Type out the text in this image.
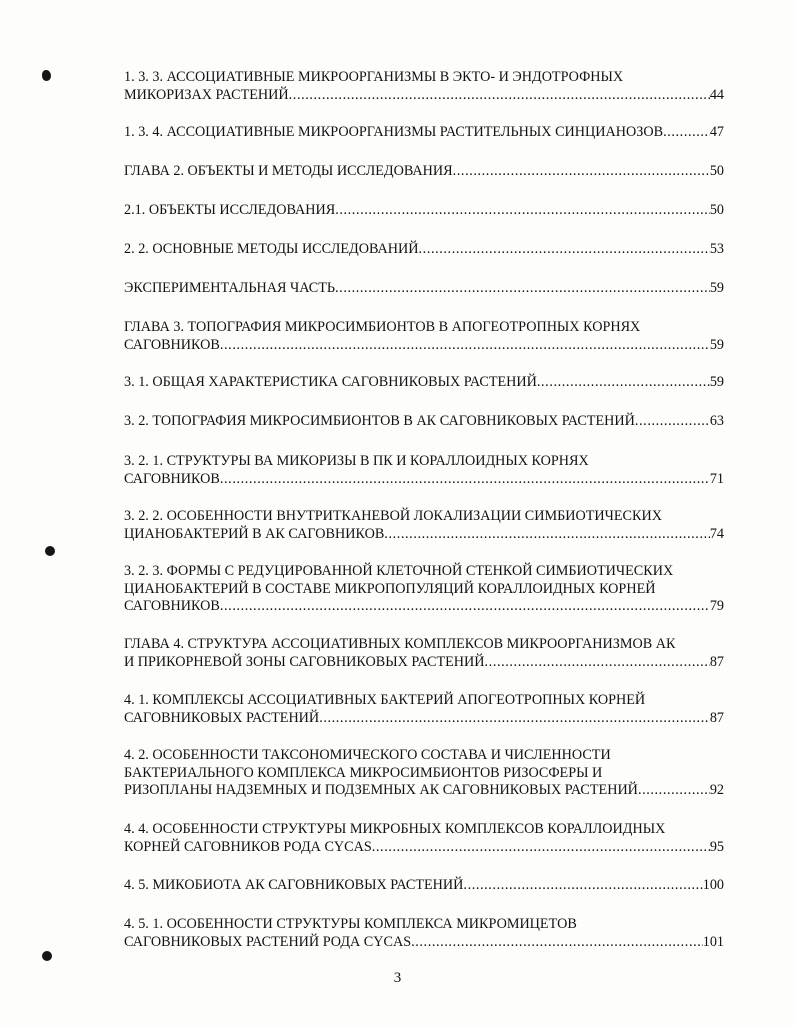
1. 3. 3. АССОЦИАТИВНЫЕ МИКРООРГАНИЗМЫ В ЭКТО- И ЭНДОТРОФНЫХ
МИКОРИЗАХ РАСТЕНИЙ .....	44
1. 3. 4. АССОЦИАТИВНЫЕ МИКРООРГАНИЗМЫ РАСТИТЕЛЬНЫХ СИНЦИАНОЗОВ .....	47
ГЛАВА 2. ОБЪЕКТЫ И МЕТОДЫ ИССЛЕДОВАНИЯ .....	50
2.1. ОБЪЕКТЫ ИССЛЕДОВАНИЯ .....	50
2. 2. ОСНОВНЫЕ МЕТОДЫ ИССЛЕДОВАНИЙ .....	53
ЭКСПЕРИМЕНТАЛЬНАЯ ЧАСТЬ .....	59
ГЛАВА 3. ТОПОГРАФИЯ МИКРОСИМБИОНТОВ В АПОГЕОТРОПНЫХ КОРНЯХ
САГОВНИКОВ .....	59
3. 1. ОБЩАЯ ХАРАКТЕРИСТИКА САГОВНИКОВЫХ РАСТЕНИЙ .....	59
3. 2. ТОПОГРАФИЯ МИКРОСИМБИОНТОВ В АК САГОВНИКОВЫХ РАСТЕНИЙ .....	63
3. 2. 1. СТРУКТУРЫ ВА МИКОРИЗЫ В ПК И КОРАЛЛОИДНЫХ КОРНЯХ
САГОВНИКОВ .....	71
3. 2. 2. ОСОБЕННОСТИ ВНУТРИТКАНЕВОЙ ЛОКАЛИЗАЦИИ СИМБИОТИЧЕСКИХ
ЦИАНОБАКТЕРИЙ В АК САГОВНИКОВ .....	74
3. 2. 3. ФОРМЫ С РЕДУЦИРОВАННОЙ КЛЕТОЧНОЙ СТЕНКОЙ СИМБИОТИЧЕСКИХ
ЦИАНОБАКТЕРИЙ В СОСТАВЕ МИКРОПОПУЛЯЦИЙ КОРАЛЛОИДНЫХ КОРНЕЙ
САГОВНИКОВ .....	79
ГЛАВА 4. СТРУКТУРА АССОЦИАТИВНЫХ КОМПЛЕКСОВ МИКРООРГАНИЗМОВ АК
И ПРИКОРНЕВОЙ ЗОНЫ САГОВНИКОВЫХ РАСТЕНИЙ .....	87
4. 1. КОМПЛЕКСЫ АССОЦИАТИВНЫХ БАКТЕРИЙ АПОГЕОТРОПНЫХ КОРНЕЙ
САГОВНИКОВЫХ РАСТЕНИЙ .....	87
4. 2. ОСОБЕННОСТИ ТАКСОНОМИЧЕСКОГО СОСТАВА И ЧИСЛЕННОСТИ
БАКТЕРИАЛЬНОГО КОМПЛЕКСА МИКРОСИМБИОНТОВ РИЗОСФЕРЫ И
РИЗОПЛАНЫ НАДЗЕМНЫХ И ПОДЗЕМНЫХ АК САГОВНИКОВЫХ РАСТЕНИЙ .....	92
4. 4. ОСОБЕННОСТИ СТРУКТУРЫ МИКРОБНЫХ КОМПЛЕКСОВ КОРАЛЛОИДНЫХ
КОРНЕЙ САГОВНИКОВ РОДА CYCAS .....	95
4. 5. МИКОБИОТА АК САГОВНИКОВЫХ РАСТЕНИЙ .....	100
4. 5. 1. ОСОБЕННОСТИ СТРУКТУРЫ КОМПЛЕКСА МИКРОМИЦЕТОВ
САГОВНИКОВЫХ РАСТЕНИЙ РОДА CYCAS .....	101
3
